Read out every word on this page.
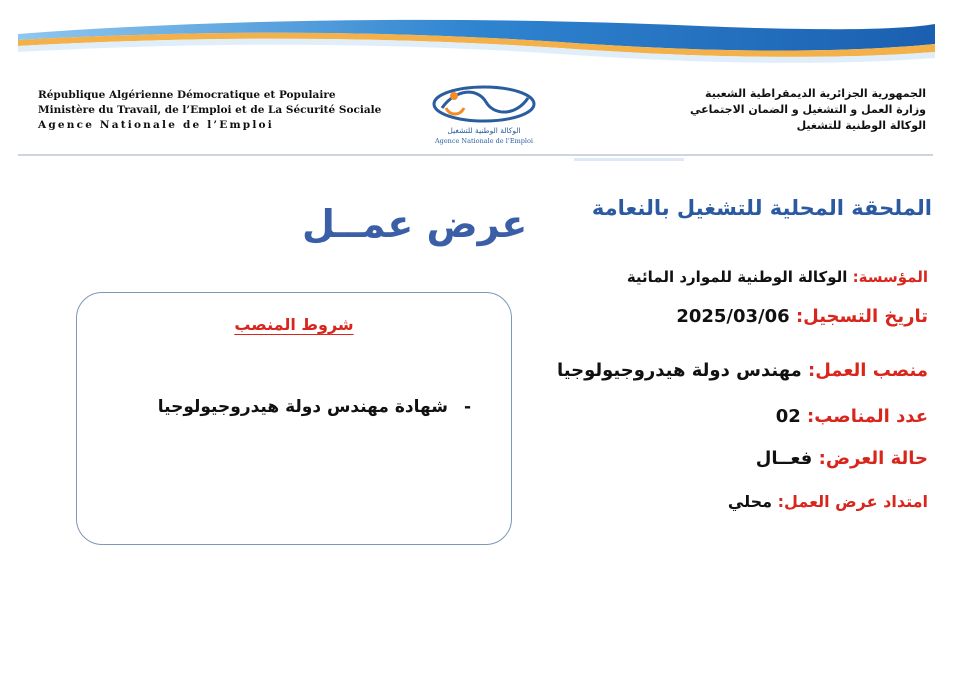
République Algérienne Démocratique et Populaire
Ministère du Travail, de l’Emploi et de La Sécurité Sociale
Agence Nationale de l’Emploi	الوكالة الوطنية للتشغيل
Agence Nationale de l’Emploi
الجمهورية الجزائرية الديمقراطية الشعبية
وزارة العمل و التشغيل و الضمان الاجتماعي
الوكالة الوطنية للتشغيل
الملحقة المحلية للتشغيل بالنعامة
عرض عمــل
المؤسسة: الوكالة الوطنية للموارد المائية
تاريخ التسجيل: 2025/03/06
منصب العمل: مهندس دولة هيدروجيولوجيا
عدد المناصب: 02
حالة العرض: فعــال
امتداد عرض العمل: محلي
شروط المنصب
-شهادة مهندس دولة هيدروجيولوجيا
